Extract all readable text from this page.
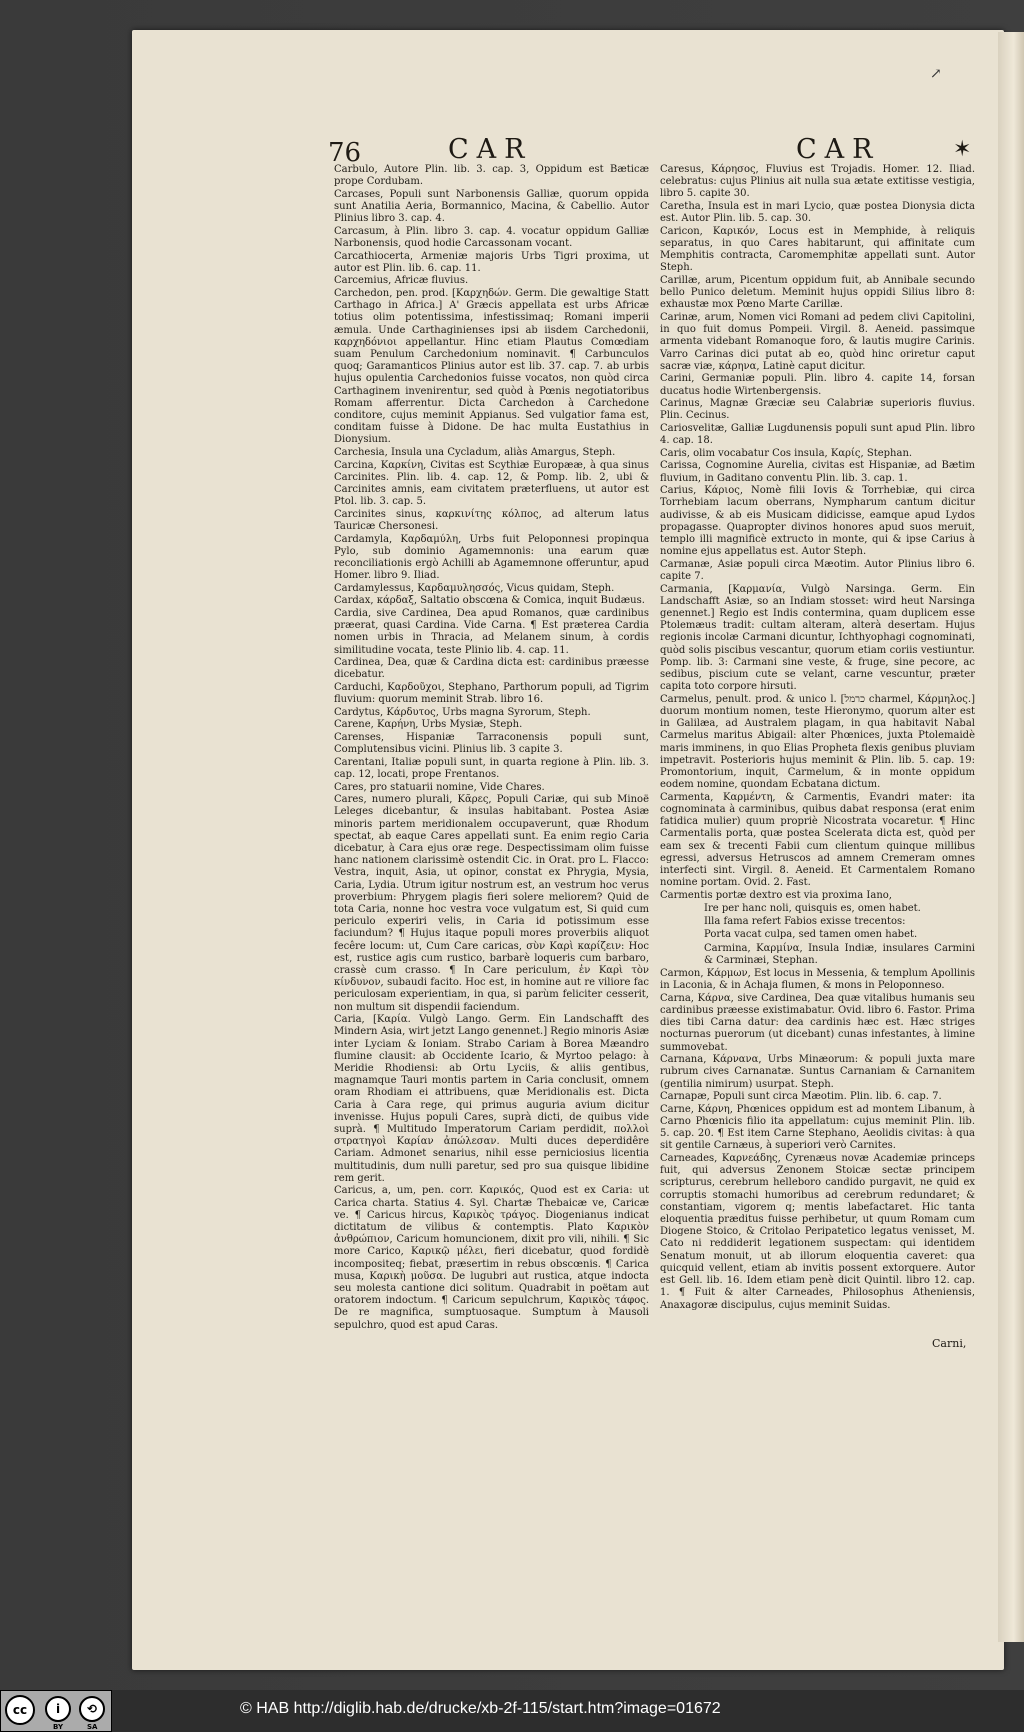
↗
76	CAR	CAR	✶
Carbulo, Autore Plin. lib. 3. cap. 3, Oppidum est Bæticæ prope Cordubam.
Carcases, Populi sunt Narbonensis Galliæ, quorum oppida sunt Anatilia Aeria, Bormannico, Macina, & Cabellio. Autor Plinius libro 3. cap. 4.
Carcasum, à Plin. libro 3. cap. 4. vocatur oppidum Galliæ Narbonensis, quod hodie Carcassonam vocant.
Carcathiocerta, Armeniæ majoris Urbs Tigri proxima, ut autor est Plin. lib. 6. cap. 11.
Carcemius, Africæ fluvius.
Carchedon, pen. prod. [Καρχηδών. Germ. Die gewaltige Statt Carthago in Africa.] A' Græcis appellata est urbs Africæ totius olim potentissima, infestissimaq; Romani imperii æmula. Unde Carthaginienses ipsi ab iisdem Carchedonii, καρχηδόνιοι appellantur. Hinc etiam Plautus Comœdiam suam Penulum Carchedonium nominavit. ¶ Carbunculos quoq; Garamanticos Plinius autor est lib. 37. cap. 7. ab urbis hujus opulentia Carchedonios fuisse vocatos, non quòd circa Carthaginem invenirentur, sed quòd à Pœnis negotiatoribus Romam afferrentur. Dicta Carchedon à Carchedone conditore, cujus meminit Appianus. Sed vulgatior fama est, conditam fuisse à Didone. De hac multa Eustathius in Dionysium.
Carchesia, Insula una Cycladum, aliàs Amargus, Steph.
Carcina, Καρκίνη, Civitas est Scythiæ Europææ, à qua sinus Carcinites. Plin. lib. 4. cap. 12, & Pomp. lib. 2, ubi & Carcinites amnis, eam civitatem præterfluens, ut autor est Ptol. lib. 3. cap. 5.
Carcinites sinus, καρκινίτης κόλπος, ad alterum latus Tauricæ Chersonesi.
Cardamyla, Καρδαμύλη, Urbs fuit Peloponnesi propinqua Pylo, sub dominio Agamemnonis: una earum quæ reconciliationis ergò Achilli ab Agamemnone offeruntur, apud Homer. libro 9. Iliad.
Cardamylessus, Καρδαμυλησσός, Vicus quidam, Steph.
Cardax, κάρδαξ, Saltatio obscœna & Comica, inquit Budæus.
Cardia, sive Cardinea, Dea apud Romanos, quæ cardinibus præerat, quasi Cardina. Vide Carna. ¶ Est præterea Cardia nomen urbis in Thracia, ad Melanem sinum, à cordis similitudine vocata, teste Plinio lib. 4. cap. 11.
Cardinea, Dea, quæ & Cardina dicta est: cardinibus præesse dicebatur.
Carduchi, Καρδοῦχοι, Stephano, Parthorum populi, ad Tigrim fluvium: quorum meminit Strab. libro 16.
Cardytus, Κάρδυτος, Urbs magna Syrorum, Steph.
Carene, Καρήνη, Urbs Mysiæ, Steph.
Carenses, Hispaniæ Tarraconensis populi sunt, Complutensibus vicini. Plinius lib. 3 capite 3.
Carentani, Italiæ populi sunt, in quarta regione à Plin. lib. 3. cap. 12, locati, prope Frentanos.
Cares, pro statuarii nomine, Vide Chares.
Cares, numero plurali, Κᾶρες, Populi Cariæ, qui sub Minoë Leleges dicebantur, & insulas habitabant. Postea Asiæ minoris partem meridionalem occupaverunt, quæ Rhodum spectat, ab eaque Cares appellati sunt. Ea enim regio Caria dicebatur, à Cara ejus oræ rege. Despectissimam olim fuisse hanc nationem clarissimè ostendit Cic. in Orat. pro L. Flacco: Vestra, inquit, Asia, ut opinor, constat ex Phrygia, Mysia, Caria, Lydia. Utrum igitur nostrum est, an vestrum hoc verus proverbium: Phrygem plagis fieri solere meliorem? Quid de tota Caria, nonne hoc vestra voce vulgatum est, Si quid cum periculo experiri velis, in Caria id potissimum esse faciundum? ¶ Hujus itaque populi mores proverbiis aliquot fecêre locum: ut, Cum Care caricas, σὺν Καρὶ καρίζειν: Hoc est, rustice agis cum rustico, barbarè loqueris cum barbaro, crassè cum crasso. ¶ In Care periculum, ἐν Καρὶ τὸν κίνδυνον, subaudi facito. Hoc est, in homine aut re viliore fac periculosam experientiam, in qua, si parùm feliciter cesserit, non multum sit dispendii faciendum.
Caria, [Καρία. Vulgò Lango. Germ. Ein Landschafft des Mindern Asia, wirt jetzt Lango genennet.] Regio minoris Asiæ inter Lyciam & Ioniam. Strabo Cariam à Borea Mæandro flumine clausit: ab Occidente Icario, & Myrtoo pelago: à Meridie Rhodiensi: ab Ortu Lyciis, & aliis gentibus, magnamque Tauri montis partem in Caria conclusit, omnem oram Rhodiam ei attribuens, quæ Meridionalis est. Dicta Caria à Cara rege, qui primus auguria avium dicitur invenisse. Hujus populi Cares, suprà dicti, de quibus vide suprà. ¶ Multitudo Imperatorum Cariam perdidit, πολλοὶ στρατηγοὶ Καρίαν ἀπώλεσαν. Multi duces deperdidêre Cariam. Admonet senarius, nihil esse perniciosius licentia multitudinis, dum nulli paretur, sed pro sua quisque libidine rem gerit.
Caricus, a, um, pen. corr. Καρικός, Quod est ex Caria: ut Carica charta. Statius 4. Syl. Chartæ Thebaicæ ve, Caricæ ve. ¶ Caricus hircus, Καρικὸς τράγος. Diogenianus indicat dictitatum de vilibus & contemptis. Plato Καρικὸν ἀνθρώπιον, Caricum homuncionem, dixit pro vili, nihili. ¶ Sic more Carico, Καρικῷ μέλει, fieri dicebatur, quod fordidè incompositeq; fiebat, præsertim in rebus obscœnis. ¶ Carica musa, Καρικὴ μοῦσα. De lugubri aut rustica, atque indocta seu molesta cantione dici solitum. Quadrabit in poëtam aut oratorem indoctum. ¶ Caricum sepulchrum, Καρικὸς τάφος. De re magnifica, sumptuosaque. Sumptum à Mausoli sepulchro, quod est apud Caras.
Caresus, Κάρησος, Fluvius est Trojadis. Homer. 12. Iliad. celebratus: cujus Plinius ait nulla sua ætate extitisse vestigia, libro 5. capite 30.
Caretha, Insula est in mari Lycio, quæ postea Dionysia dicta est. Autor Plin. lib. 5. cap. 30.
Caricon, Καρικόν, Locus est in Memphide, à reliquis separatus, in quo Cares habitarunt, qui affinitate cum Memphitis contracta, Caromemphitæ appellati sunt. Autor Steph.
Carillæ, arum, Picentum oppidum fuit, ab Annibale secundo bello Punico deletum. Meminit hujus oppidi Silius libro 8: exhaustæ mox Pœno Marte Carillæ.
Carinæ, arum, Nomen vici Romani ad pedem clivi Capitolini, in quo fuit domus Pompeii. Virgil. 8. Aeneid. passimque armenta videbant Romanoque foro, & lautis mugire Carinis. Varro Carinas dici putat ab eo, quòd hinc oriretur caput sacræ viæ, κάρηνα, Latinè caput dicitur.
Carini, Germaniæ populi. Plin. libro 4. capite 14, forsan ducatus hodie Wirtenbergensis.
Carinus, Magnæ Græciæ seu Calabriæ superioris fluvius. Plin. Cecinus.
Cariosvelitæ, Galliæ Lugdunensis populi sunt apud Plin. libro 4. cap. 18.
Caris, olim vocabatur Cos insula, Καρίς, Stephan.
Carissa, Cognomine Aurelia, civitas est Hispaniæ, ad Bætim fluvium, in Gaditano conventu Plin. lib. 3. cap. 1.
Carius, Κάριος, Nomè filii Iovis & Torrhebiæ, qui circa Torrhebiam lacum oberrans, Nympharum cantum dicitur audivisse, & ab eis Musicam didicisse, eamque apud Lydos propagasse. Quapropter divinos honores apud suos meruit, templo illi magnificè extructo in monte, qui & ipse Carius à nomine ejus appellatus est. Autor Steph.
Carmanæ, Asiæ populi circa Mæotim. Autor Plinius libro 6. capite 7.
Carmania, [Καρμανία, Vulgò Narsinga. Germ. Ein Landschafft Asiæ, so an Indiam stosset: wird heut Narsinga genennet.] Regio est Indis contermina, quam duplicem esse Ptolemæus tradit: cultam alteram, alterà desertam. Hujus regionis incolæ Carmani dicuntur, Ichthyophagi cognominati, quòd solis piscibus vescantur, quorum etiam coriis vestiuntur. Pomp. lib. 3: Carmani sine veste, & fruge, sine pecore, ac sedibus, piscium cute se velant, carne vescuntur, præter capita toto corpore hirsuti.
Carmelus, penult. prod. & unico l. [כרמל charmel, Κάρμηλος.] duorum montium nomen, teste Hieronymo, quorum alter est in Galilæa, ad Australem plagam, in qua habitavit Nabal Carmelus maritus Abigail: alter Phœnices, juxta Ptolemaidè maris imminens, in quo Elias Propheta flexis genibus pluviam impetravit. Posterioris hujus meminit & Plin. lib. 5. cap. 19: Promontorium, inquit, Carmelum, & in monte oppidum eodem nomine, quondam Ecbatana dictum.
Carmenta, Καρμέντη, & Carmentis, Evandri mater: ita cognominata à carminibus, quibus dabat responsa (erat enim fatidica mulier) quum propriè Nicostrata vocaretur. ¶ Hinc Carmentalis porta, quæ postea Scelerata dicta est, quòd per eam sex & trecenti Fabii cum clientum quinque millibus egressi, adversus Hetruscos ad amnem Cremeram omnes interfecti sint. Virgil. 8. Aeneid. Et Carmentalem Romano nomine portam. Ovid. 2. Fast.
Carmentis portæ dextro est via proxima Iano,
Ire per hanc noli, quisquis es, omen habet.
Illa fama refert Fabios exisse trecentos:
Porta vacat culpa, sed tamen omen habet.
Carmina, Καρμίνα, Insula Indiæ, insulares Carmini & Carminæi, Stephan.
Carmon, Κάρμων, Est locus in Messenia, & templum Apollinis in Laconia, & in Achaja flumen, & mons in Peloponneso.
Carna, Κάρνα, sive Cardinea, Dea quæ vitalibus humanis seu cardinibus præesse existimabatur. Ovid. libro 6. Fastor. Prima dies tibi Carna datur: dea cardinis hæc est. Hæc striges nocturnas puerorum (ut dicebant) cunas infestantes, à limine summovebat.
Carnana, Κάρνανα, Urbs Minæorum: & populi juxta mare rubrum cives Carnanatæ. Suntus Carnaniam & Carnanitem (gentilia nimirum) usurpat. Steph.
Carnapæ, Populi sunt circa Mæotim. Plin. lib. 6. cap. 7.
Carne, Κάρνη, Phœnices oppidum est ad montem Libanum, à Carno Phœnicis filio ita appellatum: cujus meminit Plin. lib. 5. cap. 20. ¶ Est item Carne Stephano, Aeolidis civitas: à qua sit gentile Carnæus, à superiori verò Carnites.
Carneades, Καρνεάδης, Cyrenæus novæ Academiæ princeps fuit, qui adversus Zenonem Stoicæ sectæ principem scripturus, cerebrum helleboro candido purgavit, ne quid ex corruptis stomachi humoribus ad cerebrum redundaret; & constantiam, vigorem q; mentis labefactaret. Hic tanta eloquentia præditus fuisse perhibetur, ut quum Romam cum Diogene Stoico, & Critolao Peripatetico legatus venisset, M. Cato ni reddiderit legationem suspectam: qui identidem Senatum monuit, ut ab illorum eloquentia caveret: qua quicquid vellent, etiam ab invitis possent extorquere. Autor est Gell. lib. 16. Idem etiam penè dicit Quintil. libro 12. cap. 1. ¶ Fuit & alter Carneades, Philosophus Atheniensis, Anaxagoræ discipulus, cujus meminit Suidas.
Carni,
cc	i	⟲
BY	SA
© HAB http://diglib.hab.de/drucke/xb-2f-115/start.htm?image=01672
